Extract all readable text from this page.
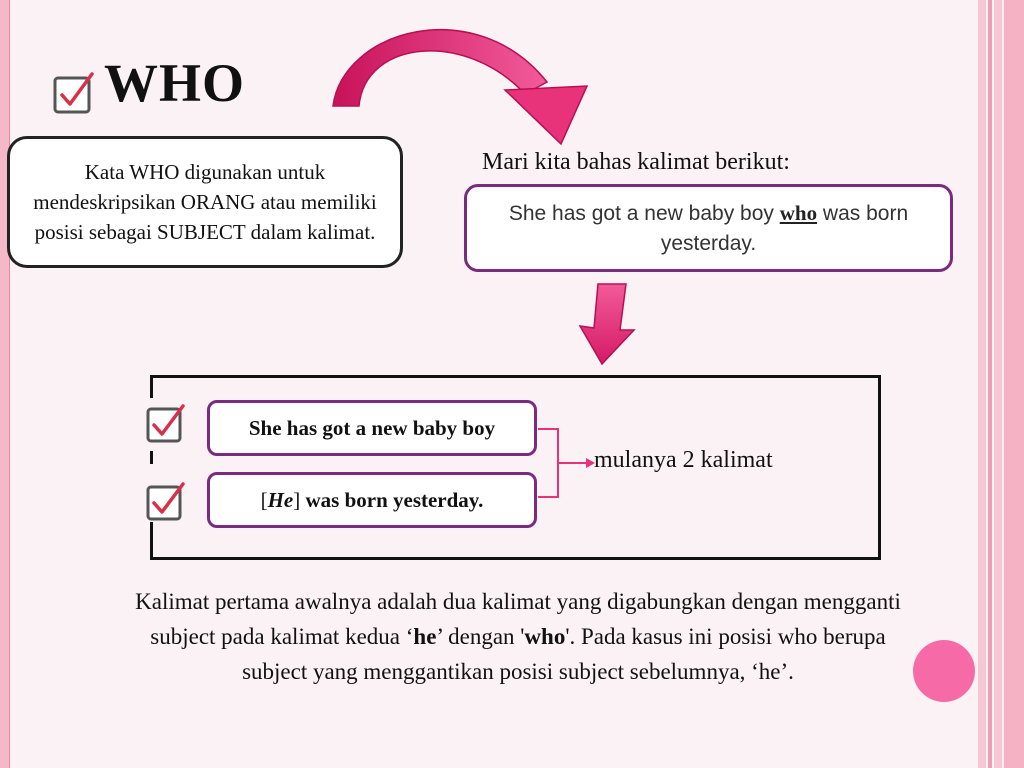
WHO
Kata WHO digunakan untuk mendeskripsikan ORANG atau memiliki posisi sebagai SUBJECT dalam kalimat.
Mari kita bahas kalimat berikut:
She has got a new baby boy who was born yesterday.
She has got a new baby boy
[He] was born yesterday.
mulanya 2 kalimat

Kalimat pertama awalnya adalah dua kalimat yang digabungkan dengan mengganti subject pada kalimat kedua ‘he’ dengan 'who'. Pada kasus ini posisi who berupa subject yang menggantikan posisi subject sebelumnya, ‘he’.
